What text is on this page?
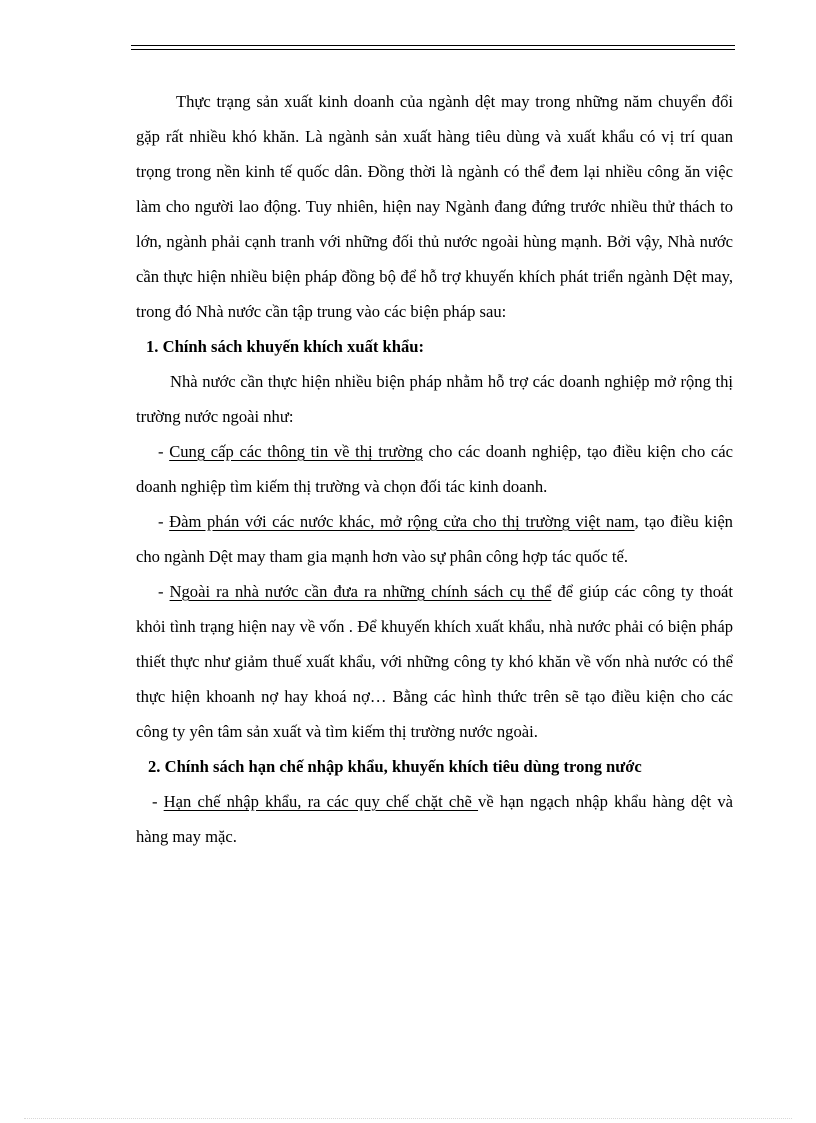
Thực trạng sản xuất kinh doanh của ngành dệt may trong những năm chuyển đổi gặp rất nhiều khó khăn. Là ngành sản xuất hàng tiêu dùng và xuất khẩu có vị trí quan trọng trong nền kinh tế quốc dân. Đồng thời là ngành có thể đem lại nhiều công ăn việc làm cho người lao động. Tuy nhiên, hiện nay Ngành đang đứng trước nhiều thử thách to lớn, ngành phải cạnh tranh với những đối thủ nước ngoài hùng mạnh. Bởi vậy, Nhà nước cần thực hiện nhiều biện pháp đồng bộ để hỗ trợ khuyến khích phát triển ngành Dệt may, trong đó Nhà nước cần tập trung vào các biện pháp sau:

1. Chính sách khuyến khích xuất khẩu:

Nhà nước cần thực hiện nhiều biện pháp nhằm hỗ trợ các doanh nghiệp mở rộng thị trường nước ngoài như:

- Cung cấp các thông tin về thị trường cho các doanh nghiệp, tạo điều kiện cho các doanh nghiệp tìm kiếm thị trường và chọn đối tác kinh doanh.

- Đàm phán với các nước khác, mở rộng cửa cho thị trường việt nam, tạo điều kiện cho ngành Dệt may tham gia mạnh hơn vào sự phân công hợp tác quốc tế.

- Ngoài ra nhà nước cần đưa ra những chính sách cụ thể để giúp các công ty thoát khỏi tình trạng hiện nay về vốn . Để khuyến khích xuất khẩu, nhà nước phải có biện pháp thiết thực như giảm thuế xuất khẩu, với những công ty khó khăn về vốn nhà nước có thể thực hiện khoanh nợ hay khoá nợ… Bằng các hình thức trên sẽ tạo điều kiện cho các công ty yên tâm sản xuất và tìm kiếm thị trường nước ngoài.

2. Chính sách hạn chế nhập khẩu, khuyến khích tiêu dùng trong nước

- Hạn chế nhập khẩu, ra các quy chế chặt chẽ về hạn ngạch nhập khẩu hàng dệt và hàng may mặc.
